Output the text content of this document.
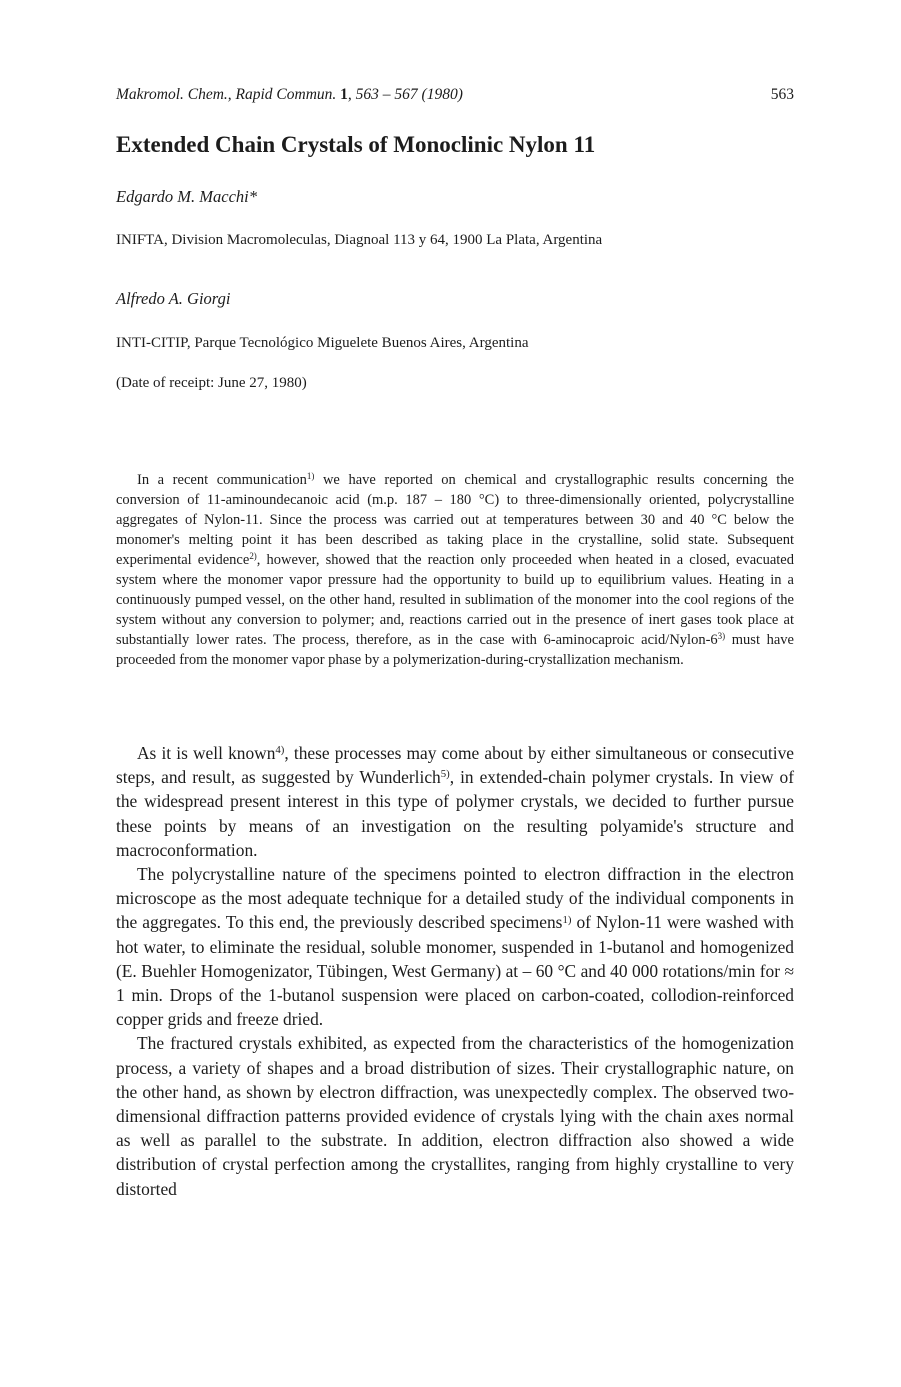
Makromol. Chem., Rapid Commun. 1, 563 – 567 (1980)	563
Extended Chain Crystals of Monoclinic Nylon 11
Edgardo M. Macchi*
INIFTA, Division Macromoleculas, Diagnoal 113 y 64, 1900 La Plata, Argentina
Alfredo A. Giorgi
INTI-CITIP, Parque Tecnológico Miguelete Buenos Aires, Argentina
(Date of receipt: June 27, 1980)

In a recent communication$^{1)}$ we have reported on chemical and crystallographic results concerning the conversion of 11-aminoundecanoic acid (m.p. 187 – 180 °C) to three-dimensionally oriented, polycrystalline aggregates of Nylon-11. Since the process was carried out at temperatures between 30 and 40 °C below the monomer's melting point it has been described as taking place in the crystalline, solid state. Subsequent experimental evidence$^{2)}$, however, showed that the reaction only proceeded when heated in a closed, evacuated system where the monomer vapor pressure had the opportunity to build up to equilibrium values. Heating in a continuously pumped vessel, on the other hand, resulted in sublimation of the monomer into the cool regions of the system without any conversion to polymer; and, reactions carried out in the presence of inert gases took place at substantially lower rates. The process, therefore, as in the case with 6-aminocaproic acid/Nylon-6$^{3)}$ must have proceeded from the monomer vapor phase by a polymerization-during-crystallization mechanism.

As it is well known$^{4)}$, these processes may come about by either simultaneous or consecutive steps, and result, as suggested by Wunderlich$^{5)}$, in extended-chain polymer crystals. In view of the widespread present interest in this type of polymer crystals, we decided to further pursue these points by means of an investigation on the resulting polyamide's structure and macroconformation.

The polycrystalline nature of the specimens pointed to electron diffraction in the electron microscope as the most adequate technique for a detailed study of the individual components in the aggregates. To this end, the previously described specimens$^{1)}$ of Nylon-11 were washed with hot water, to eliminate the residual, soluble monomer, suspended in 1-butanol and homogenized (E. Buehler Homogenizator, Tübingen, West Germany) at – 60 °C and 40 000 rotations/min for ≈ 1 min. Drops of the 1-butanol suspension were placed on carbon-coated, collodion-reinforced copper grids and freeze dried.

The fractured crystals exhibited, as expected from the characteristics of the homogenization process, a variety of shapes and a broad distribution of sizes. Their crystallographic nature, on the other hand, as shown by electron diffraction, was unexpectedly complex. The observed two-dimensional diffraction patterns provided evidence of crystals lying with the chain axes normal as well as parallel to the substrate. In addition, electron diffraction also showed a wide distribution of crystal perfection among the crystallites, ranging from highly crystalline to very distorted
